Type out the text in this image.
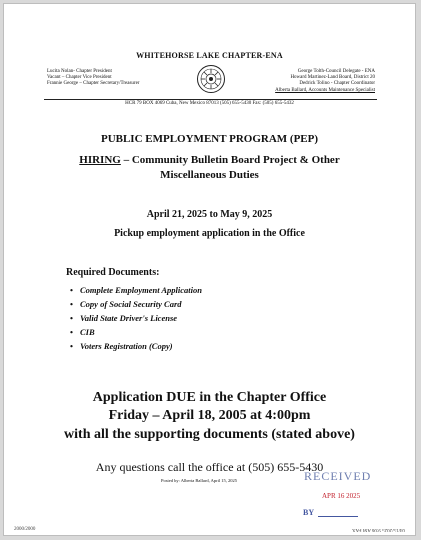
WHITEHORSE LAKE CHAPTER-ENA
Lucita Nolan- Chapter President
Vacant – Chapter Vice President
Frannie George – Chapter Secretary/Treasurer
George Tolth-Council Delegate - ENA
Howard Martinez-Land Board, District 20
Dedrick Tolino - Chapter Coordinator
Alberta Ballard, Accounts Maintenance Specialist
HCR 79 BOX 4069 Cuba, New Mexico 87013 (505) 655-5430 Fax: (505) 655-5432
PUBLIC EMPLOYMENT PROGRAM (PEP)
HIRING – Community Bulletin Board Project & Other
Miscellaneous Duties
April 21, 2025 to May 9, 2025
Pickup employment application in the Office
Required Documents:
• Complete Employment Application
• Copy of Social Security Card
• Valid State Driver's License
• CIB
• Voters Registration (Copy)
Application DUE in the Chapter Office
Friday – April 18, 2005 at 4:00pm
with all the supporting documents (stated above)
Any questions call the office at (505) 655-5430
Posted by: Alberta Ballard, April 15, 2025	RECEIVED
APR 16 2025
BY
2000/2000	04/15/2025 9:06 AM FAX
